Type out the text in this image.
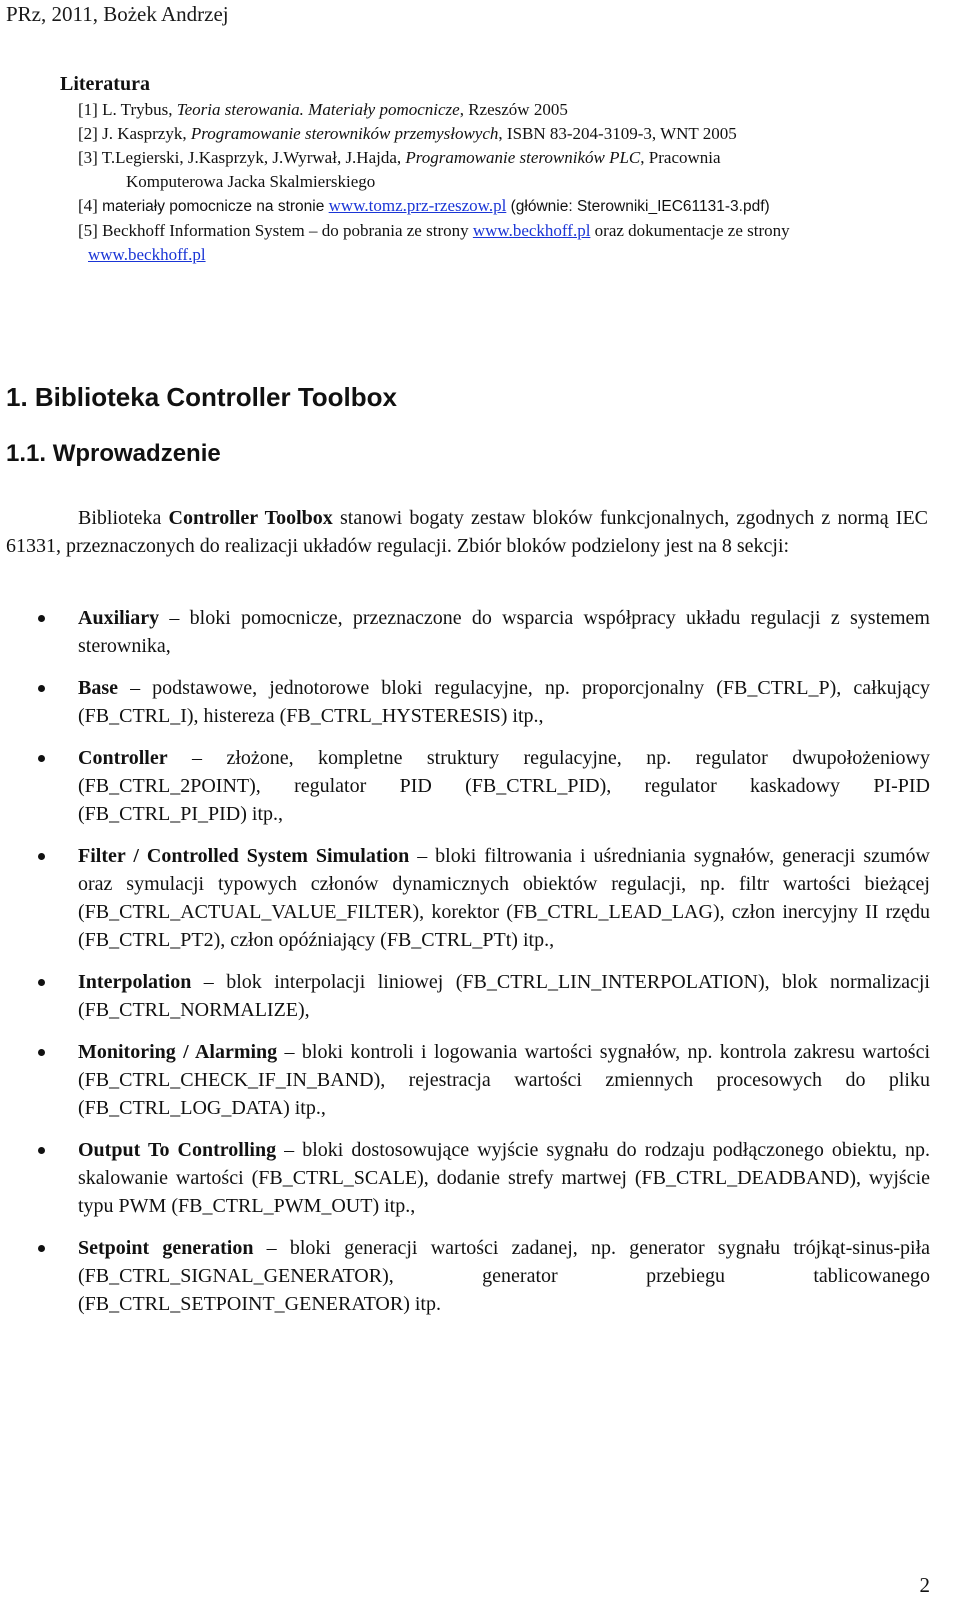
PRz, 2011, Bożek Andrzej
Literatura
[1] L. Trybus, Teoria sterowania. Materiały pomocnicze, Rzeszów 2005
[2] J. Kasprzyk, Programowanie sterowników przemysłowych, ISBN 83-204-3109-3, WNT 2005
[3] T.Legierski, J.Kasprzyk, J.Wyrwał, J.Hajda, Programowanie sterowników PLC, Pracownia
Komputerowa Jacka Skalmierskiego
[4] materiały pomocnicze na stronie www.tomz.prz-rzeszow.pl (głównie: Sterowniki_IEC61131-3.pdf)
[5] Beckhoff Information System – do pobrania ze strony www.beckhoff.pl oraz dokumentacje ze strony
www.beckhoff.pl
1. Biblioteka Controller Toolbox
1.1. Wprowadzenie

Biblioteka Controller Toolbox stanowi bogaty zestaw bloków funkcjonalnych, zgodnych z normą IEC 61331, przeznaczonych do realizacji układów regulacji. Zbiór bloków podzielony jest na 8 sekcji:

Auxiliary – bloki pomocnicze, przeznaczone do wsparcia współpracy układu regulacji z systemem sterownika,
Base – podstawowe, jednotorowe bloki regulacyjne, np. proporcjonalny (FB_CTRL_P), całkujący (FB_CTRL_I), histereza (FB_CTRL_HYSTERESIS) itp.,
Controller – złożone, kompletne struktury regulacyjne, np. regulator dwupołożeniowy (FB_CTRL_2POINT), regulator PID (FB_CTRL_PID), regulator kaskadowy PI-PID (FB_CTRL_PI_PID) itp.,
Filter / Controlled System Simulation – bloki filtrowania i uśredniania sygnałów, generacji szumów oraz symulacji typowych członów dynamicznych obiektów regulacji, np. filtr wartości bieżącej (FB_CTRL_ACTUAL_VALUE_FILTER), korektor (FB_CTRL_LEAD_LAG), człon inercyjny II rzędu (FB_CTRL_PT2), człon opóźniający (FB_CTRL_PTt) itp.,
Interpolation – blok interpolacji liniowej (FB_CTRL_LIN_INTERPOLATION), blok normalizacji (FB_CTRL_NORMALIZE),
Monitoring / Alarming – bloki kontroli i logowania wartości sygnałów, np. kontrola zakresu wartości (FB_CTRL_CHECK_IF_IN_BAND), rejestracja wartości zmiennych procesowych do pliku (FB_CTRL_LOG_DATA) itp.,
Output To Controlling – bloki dostosowujące wyjście sygnału do rodzaju podłączonego obiektu, np. skalowanie wartości (FB_CTRL_SCALE), dodanie strefy martwej (FB_CTRL_DEADBAND), wyjście typu PWM (FB_CTRL_PWM_OUT) itp.,
Setpoint generation – bloki generacji wartości zadanej, np. generator sygnału trójkąt-sinus-piła (FB_CTRL_SIGNAL_GENERATOR), generator przebiegu tablicowanego (FB_CTRL_SETPOINT_GENERATOR) itp.
2
